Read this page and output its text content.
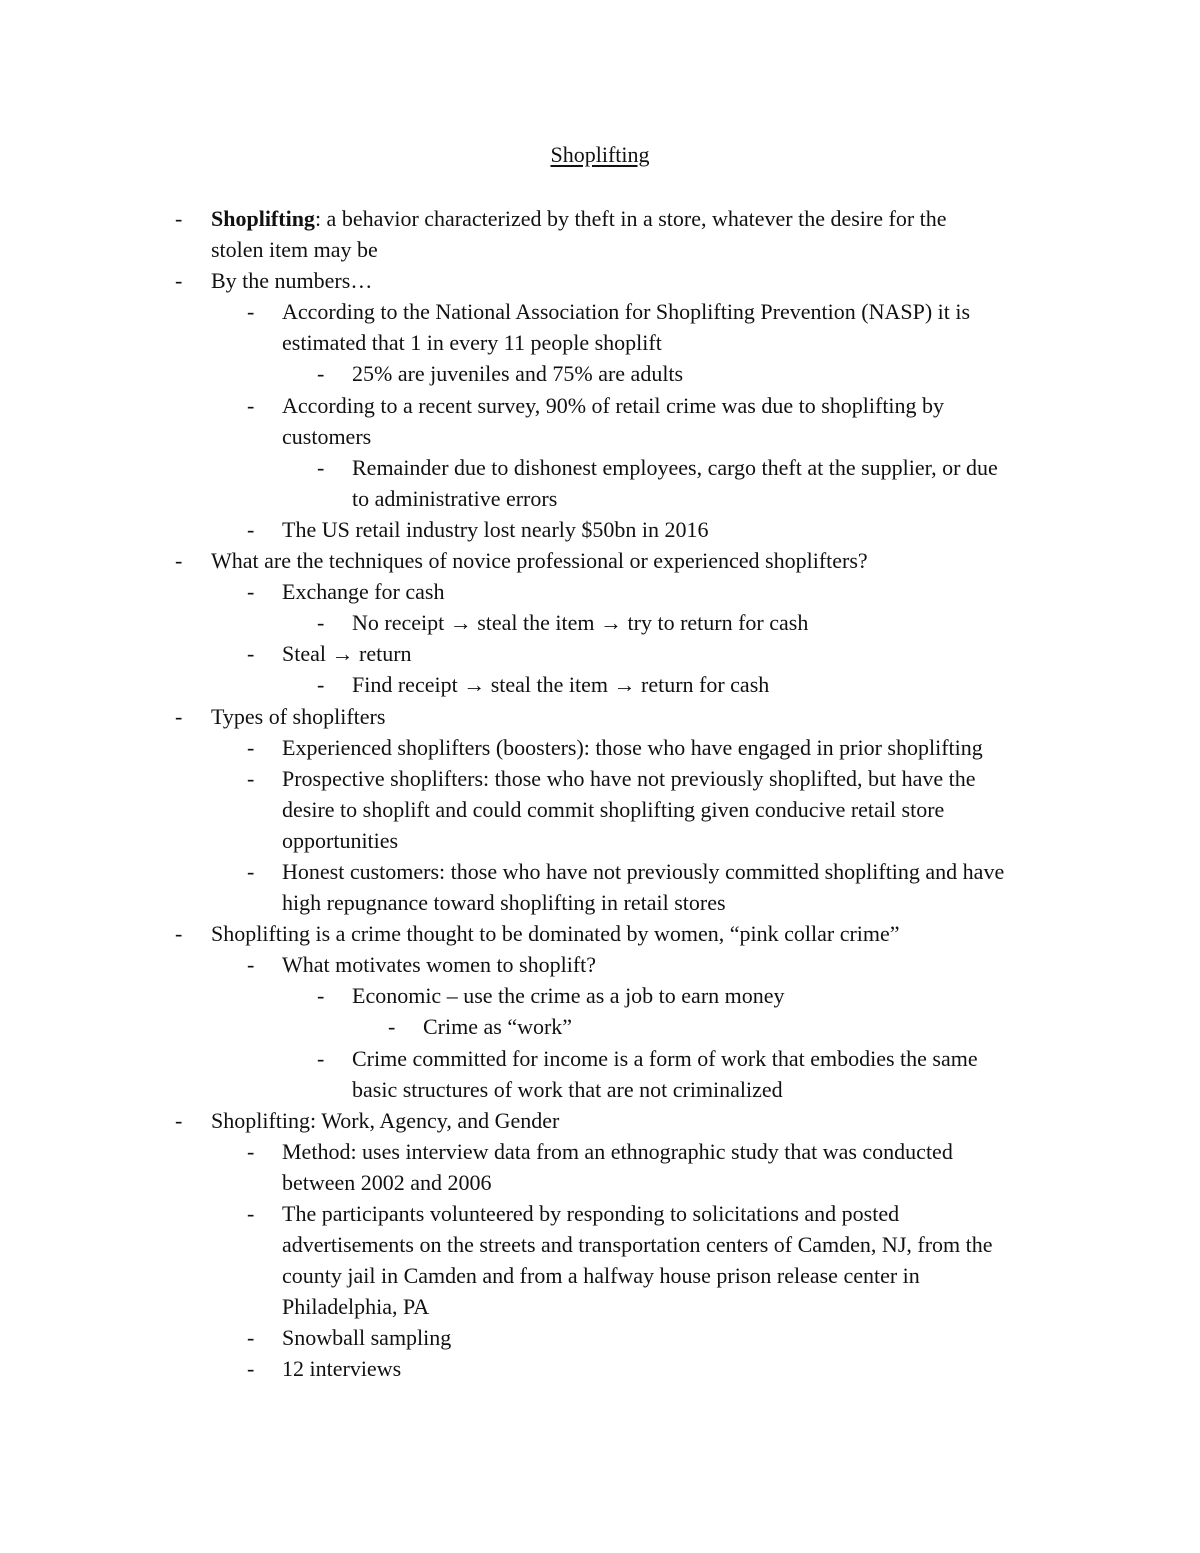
Shoplifting
- Shoplifting: a behavior characterized by theft in a store, whatever the desire for the
stolen item may be
- By the numbers…
- According to the National Association for Shoplifting Prevention (NASP) it is
estimated that 1 in every 11 people shoplift
- 25% are juveniles and 75% are adults
- According to a recent survey, 90% of retail crime was due to shoplifting by
customers
- Remainder due to dishonest employees, cargo theft at the supplier, or due
to administrative errors
- The US retail industry lost nearly $50bn in 2016
- What are the techniques of novice professional or experienced shoplifters?
- Exchange for cash
- No receipt → steal the item → try to return for cash
- Steal → return
- Find receipt → steal the item → return for cash
- Types of shoplifters
- Experienced shoplifters (boosters): those who have engaged in prior shoplifting
- Prospective shoplifters: those who have not previously shoplifted, but have the
desire to shoplift and could commit shoplifting given conducive retail store
opportunities
- Honest customers: those who have not previously committed shoplifting and have
high repugnance toward shoplifting in retail stores
- Shoplifting is a crime thought to be dominated by women, “pink collar crime”
- What motivates women to shoplift?
- Economic – use the crime as a job to earn money
- Crime as “work”
- Crime committed for income is a form of work that embodies the same
basic structures of work that are not criminalized
- Shoplifting: Work, Agency, and Gender
- Method: uses interview data from an ethnographic study that was conducted
between 2002 and 2006
- The participants volunteered by responding to solicitations and posted
advertisements on the streets and transportation centers of Camden, NJ, from the
county jail in Camden and from a halfway house prison release center in
Philadelphia, PA
- Snowball sampling
- 12 interviews
